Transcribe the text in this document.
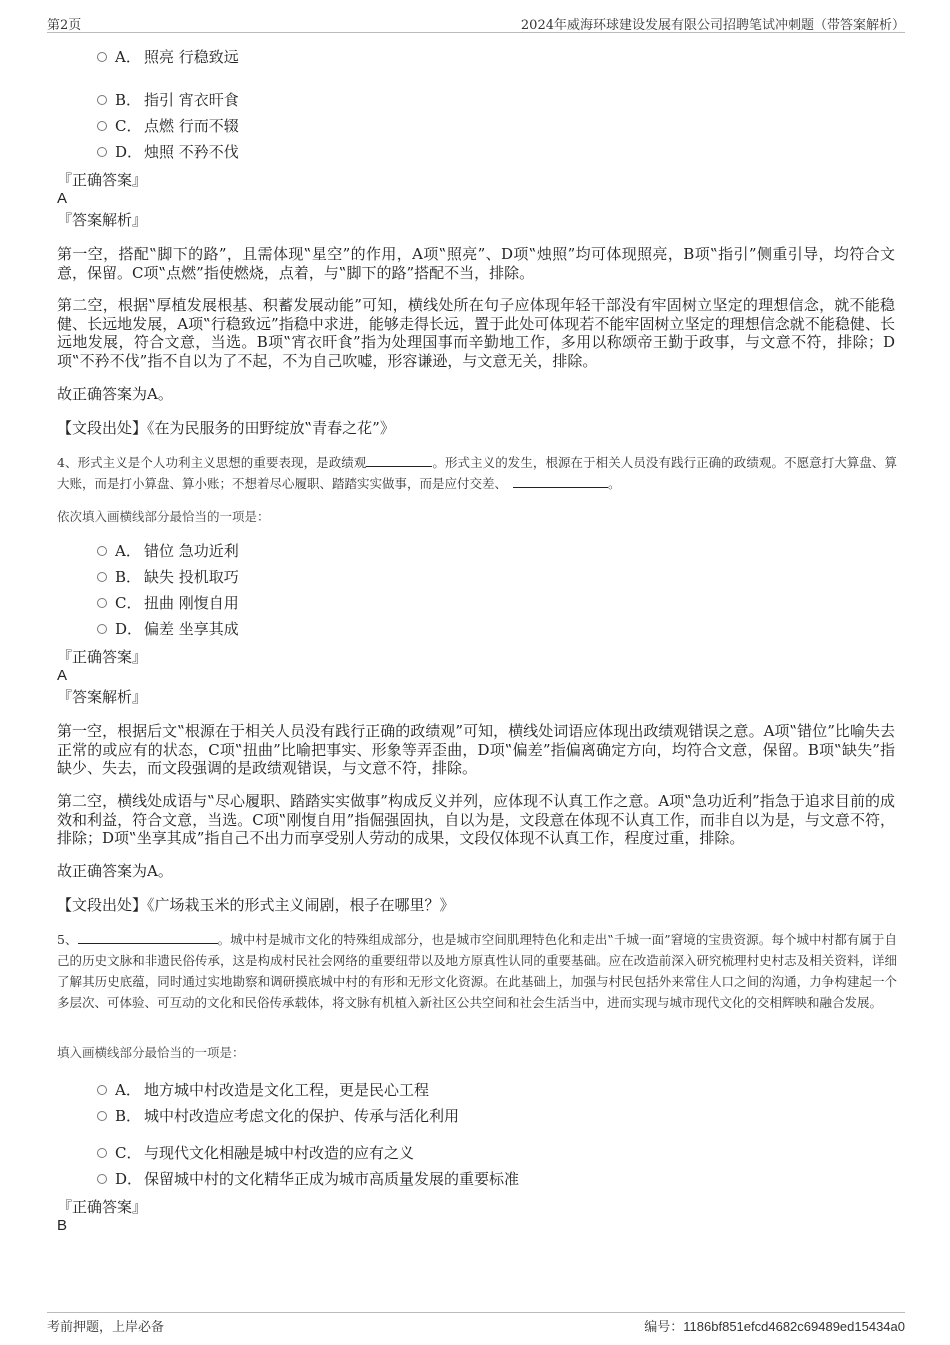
第2页	2024年威海环球建设发展有限公司招聘笔试冲刺题（带答案解析）
A． 照亮 行稳致远
B． 指引 宵衣旰食
C． 点燃 行而不辍
D． 烛照 不矜不伐
『正确答案』
A
『答案解析』
第一空，搭配‟脚下的路”，且需体现‟星空”的作用，A项‟照亮”、D项‟烛照”均可体现照亮，B项‟指引”侧重引导，均符合文意，保留。C项‟点燃”指使燃烧，点着，与‟脚下的路”搭配不当，排除。
第二空，根据‟厚植发展根基、积蓄发展动能”可知，横线处所在句子应体现年轻干部没有牢固树立坚定的理想信念，就不能稳健、长远地发展，A项‟行稳致远”指稳中求进，能够走得长远，置于此处可体现若不能牢固树立坚定的理想信念就不能稳健、长远地发展，符合文意，当选。B项‟宵衣旰食”指为处理国事而辛勤地工作，多用以称颂帝王勤于政事，与文意不符，排除；D项‟不矜不伐”指不自以为了不起，不为自己吹嘘，形容谦逊，与文意无关，排除。
故正确答案为A。
【文段出处】《在为民服务的田野绽放‟青春之花”》
4、形式主义是个人功利主义思想的重要表现，是政绩观	。形式主义的发生，根源在于相关人员没有践行正确的政绩观。不愿意打大算盘、算大账，而是打小算盘、算小账；不想着尽心履职、踏踏实实做事，而是应付交差、	。
依次填入画横线部分最恰当的一项是：
A． 错位 急功近利
B． 缺失 投机取巧
C． 扭曲 刚愎自用
D． 偏差 坐享其成
『正确答案』
A
『答案解析』
第一空，根据后文‟根源在于相关人员没有践行正确的政绩观”可知，横线处词语应体现出政绩观错误之意。A项‟错位”比喻失去正常的或应有的状态，C项‟扭曲”比喻把事实、形象等弄歪曲，D项‟偏差”指偏离确定方向，均符合文意，保留。B项‟缺失”指缺少、失去，而文段强调的是政绩观错误，与文意不符，排除。
第二空，横线处成语与‟尽心履职、踏踏实实做事”构成反义并列，应体现不认真工作之意。A项‟急功近利”指急于追求目前的成效和利益，符合文意，当选。C项‟刚愎自用”指倔强固执，自以为是，文段意在体现不认真工作，而非自以为是，与文意不符，排除；D项‟坐享其成”指自己不出力而享受别人劳动的成果，文段仅体现不认真工作，程度过重，排除。
故正确答案为A。
【文段出处】《广场栽玉米的形式主义闹剧，根子在哪里？》
5、	。城中村是城市文化的特殊组成部分，也是城市空间肌理特色化和走出‟千城一面”窘境的宝贵资源。每个城中村都有属于自己的历史文脉和非遗民俗传承，这是构成村民社会网络的重要纽带以及地方原真性认同的重要基础。应在改造前深入研究梳理村史村志及相关资料，详细了解其历史底蕴，同时通过实地勘察和调研摸底城中村的有形和无形文化资源。在此基础上，加强与村民包括外来常住人口之间的沟通，力争构建起一个多层次、可体验、可互动的文化和民俗传承载体，将文脉有机植入新社区公共空间和社会生活当中，进而实现与城市现代文化的交相辉映和融合发展。
填入画横线部分最恰当的一项是：
A． 地方城中村改造是文化工程，更是民心工程
B． 城中村改造应考虑文化的保护、传承与活化利用
C． 与现代文化相融是城中村改造的应有之义
D． 保留城中村的文化精华正成为城市高质量发展的重要标准
『正确答案』
B
考前押题，上岸必备	编号：1186bf851efcd4682c69489ed15434a0
